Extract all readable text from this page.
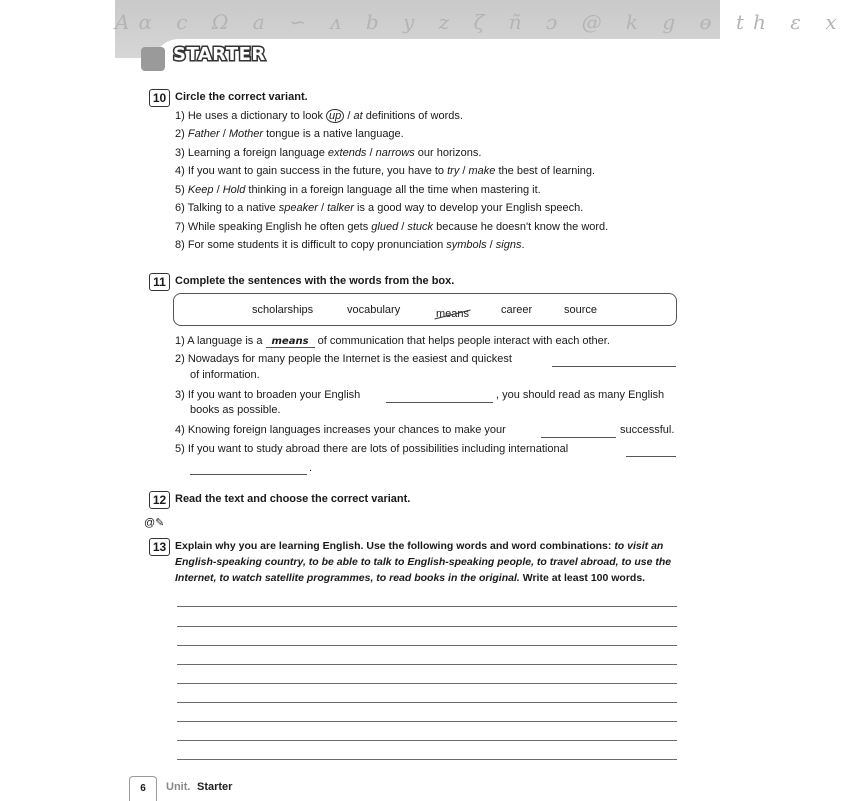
Aα c Ω a ∽ ᴧ b y z ζ ñ ɔ @ k g ɵ th ε x
STARTER
10 Circle the correct variant.
1) He uses a dictionary to look up / at definitions of words.
2) Father / Mother tongue is a native language.
3) Learning a foreign language extends / narrows our horizons.
4) If you want to gain success in the future, you have to try / make the best of learning.
5) Keep / Hold thinking in a foreign language all the time when mastering it.
6) Talking to a native speaker / talker is a good way to develop your English speech.
7) While speaking English he often gets glued / stuck because he doesn't know the word.
8) For some students it is difficult to copy pronunciation symbols / signs.
11 Complete the sentences with the words from the box.
scholarships	vocabulary	$_{means}$	career	source
1) A language is a means of communication that helps people interact with each other.
2) Nowadays for many people the Internet is the easiest and quickest
of information.
3) If you want to broaden your English	, you should read as many English
books as possible.
4) Knowing foreign languages increases your chances to make your	successful.
5) If you want to study abroad there are lots of possibilities including international
.
12 Read the text and choose the correct variant.
@✎
13 Explain why you are learning English. Use the following words and word combinations: to visit an
English-speaking country, to be able to talk to English-speaking people, to travel abroad, to use the
Internet, to watch satellite programmes, to read books in the original. Write at least 100 words.
6	Unit. Starter
